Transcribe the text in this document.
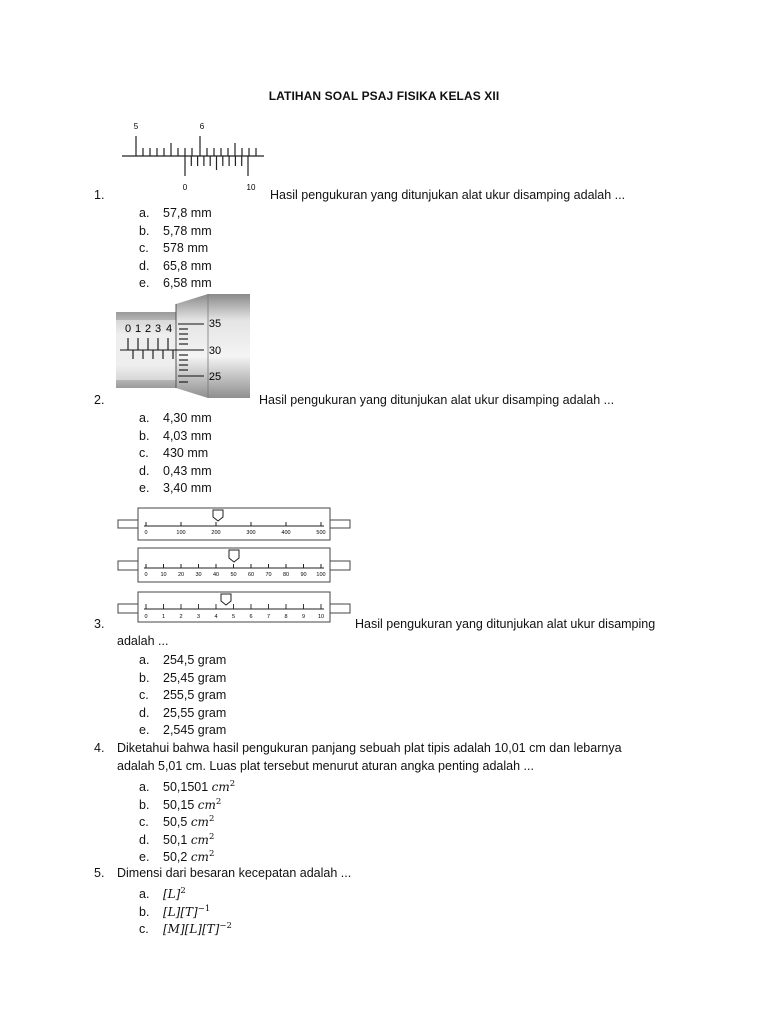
LATIHAN SOAL PSAJ FISIKA KELAS XII
5	6
0	10
1.	Hasil pengukuran yang ditunjukan alat ukur disamping adalah ...
a. 57,8 mm
b. 5,78 mm
c. 578 mm
d. 65,8 mm
e. 6,58 mm
0 1 2 3 4	35
30
25
2.	Hasil pengukuran yang ditunjukan alat ukur disamping adalah ...
a. 4,30 mm
b. 4,03 mm
c. 430 mm
d. 0,43 mm
e. 3,40 mm
0	100	200	300	400	500
0 10 20 30 40 50 60 70 80 90 100
0	1	2	3	4	5	6	7	8	9 10
3.	Hasil pengukuran yang ditunjukan alat ukur disamping
adalah ...
a. 254,5 gram
b. 25,45 gram
c. 255,5 gram
d. 25,55 gram
e. 2,545 gram
4. Diketahui bahwa hasil pengukuran panjang sebuah plat tipis adalah 10,01 cm dan lebarnya
adalah 5,01 cm. Luas plat tersebut menurut aturan angka penting adalah ...
a. 50,1501 $cm^2$
b. 50,15 $cm^2$
c. 50,5 $cm^2$
d. 50,1 $cm^2$
e. 50,2 $cm^2$
5. Dimensi dari besaran kecepatan adalah ...
a. $[L]^2$
b. $[L][T]^{-1}$
c. $[M][L][T]^{-2}$
